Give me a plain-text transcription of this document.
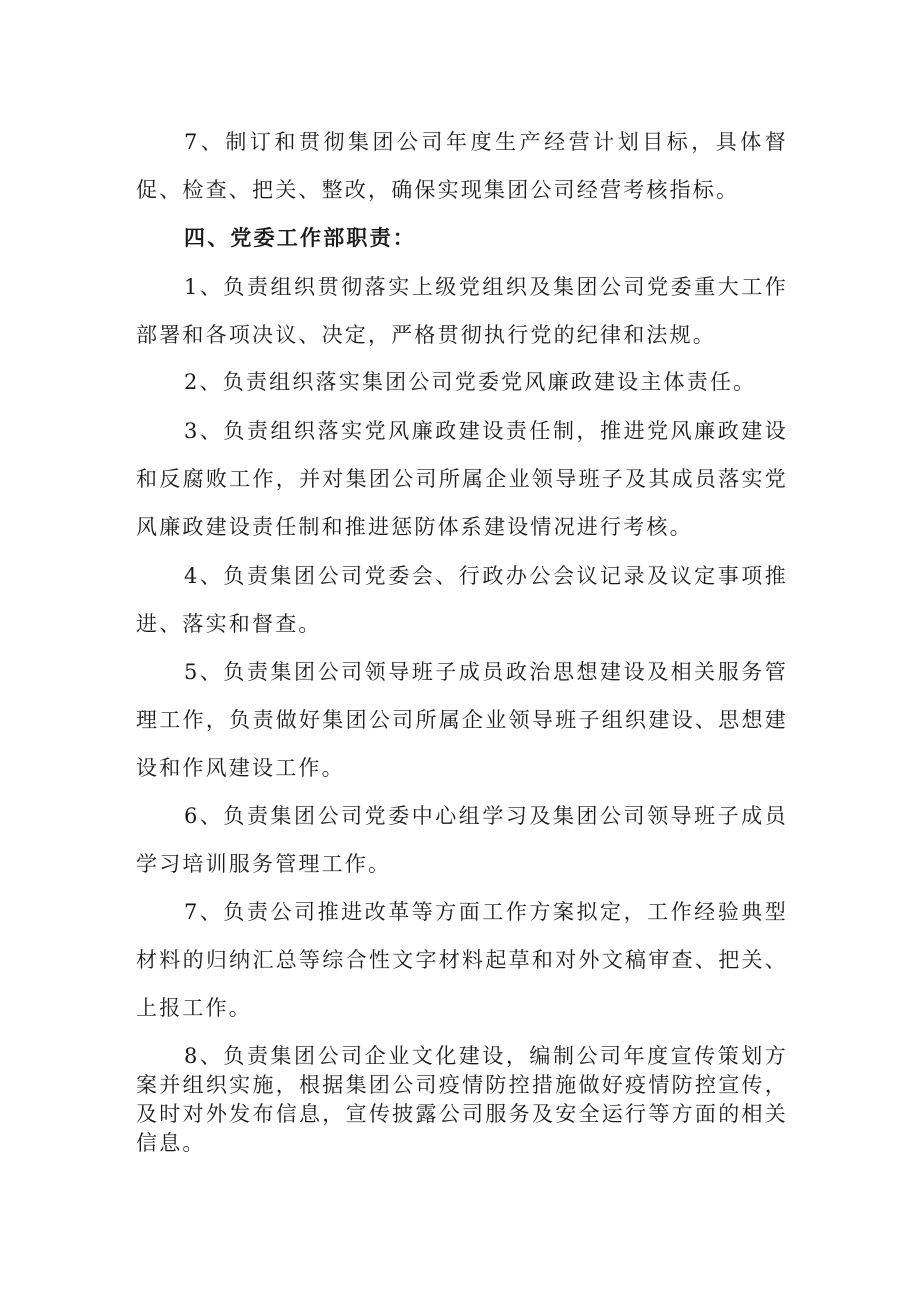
7、制订和贯彻集团公司年度生产经营计划目标，具体督促、检查、把关、整改，确保实现集团公司经营考核指标。

四、党委工作部职责：

1、负责组织贯彻落实上级党组织及集团公司党委重大工作部署和各项决议、决定，严格贯彻执行党的纪律和法规。

2、负责组织落实集团公司党委党风廉政建设主体责任。

3、负责组织落实党风廉政建设责任制，推进党风廉政建设和反腐败工作，并对集团公司所属企业领导班子及其成员落实党风廉政建设责任制和推进惩防体系建设情况进行考核。

4、负责集团公司党委会、行政办公会议记录及议定事项推进、落实和督查。

5、负责集团公司领导班子成员政治思想建设及相关服务管理工作，负责做好集团公司所属企业领导班子组织建设、思想建设和作风建设工作。

6、负责集团公司党委中心组学习及集团公司领导班子成员学习培训服务管理工作。

7、负责公司推进改革等方面工作方案拟定，工作经验典型材料的归纳汇总等综合性文字材料起草和对外文稿审查、把关、上报工作。

8、负责集团公司企业文化建设，编制公司年度宣传策划方案并组织实施，根据集团公司疫情防控措施做好疫情防控宣传，及时对外发布信息，宣传披露公司服务及安全运行等方面的相关信息。
